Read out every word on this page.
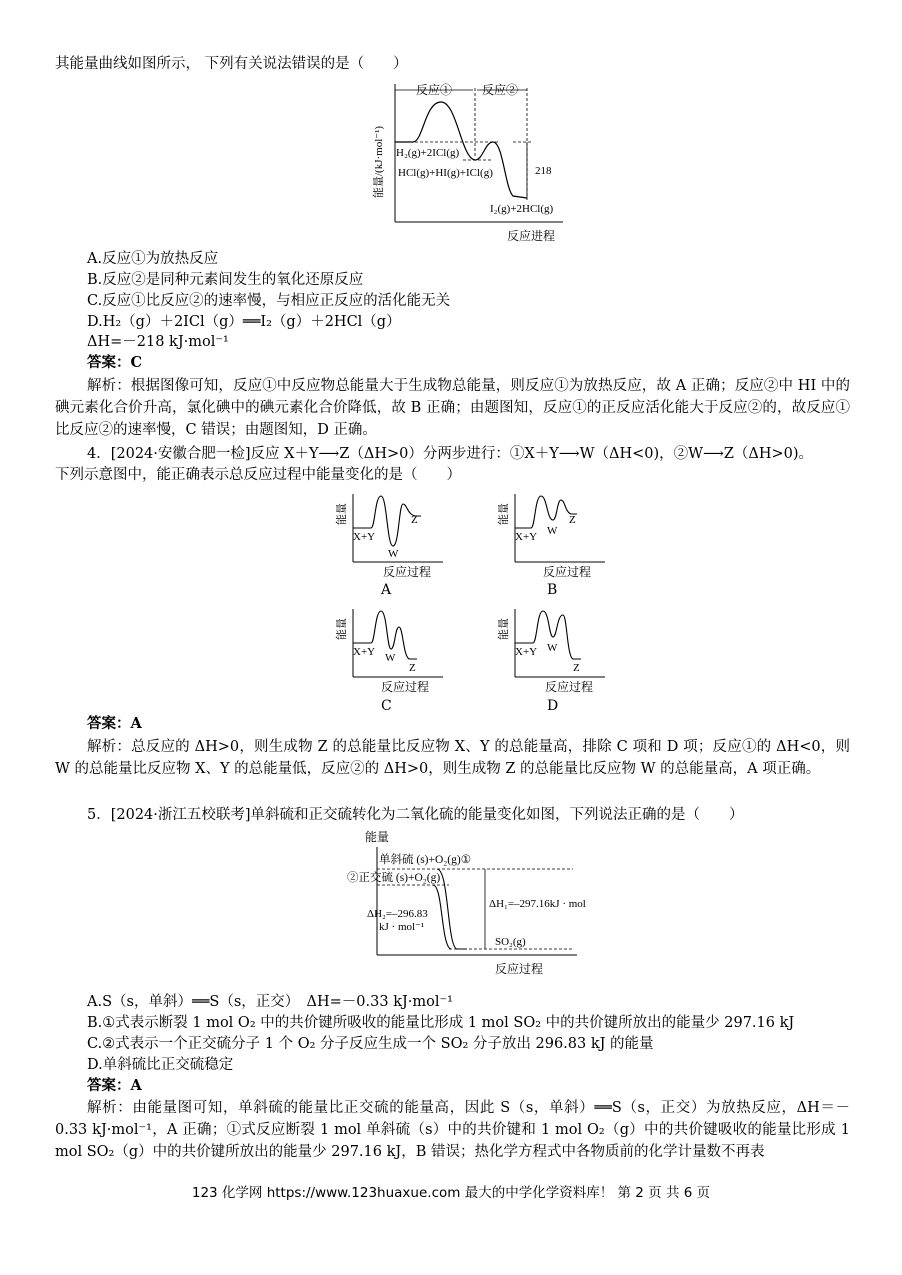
其能量曲线如图所示， 下列有关说法错误的是（　　）
能量/(kJ·mol⁻¹)
反应① 反应②
H₂(g)+2ICl(g)
HCl(g)+HI(g)+ICl(g)
I₂(g)+2HCl(g)
218
反应进程
A.反应①为放热反应
B.反应②是同种元素间发生的氧化还原反应
C.反应①比反应②的速率慢，与相应正反应的活化能无关
D.H₂（g）＋2ICl（g）══I₂（g）＋2HCl（g）
ΔH=－218 kJ·mol⁻¹
答案：C
解析：根据图像可知，反应①中反应物总能量大于生成物总能量，则反应①为放热反应，故 A 正确；反应②中 HI 中的碘元素化合价升高，氯化碘中的碘元素化合价降低，故 B 正确；由题图知，反应①的正反应活化能大于反应②的，故反应①比反应②的速率慢，C 错误；由题图知，D 正确。
4．[2024·安徽合肥一检]反应 X＋Y⟶Z（ΔH>0）分两步进行：①X＋Y⟶W（ΔH<0)，②W⟶Z（ΔH>0)。
下列示意图中，能正确表示总反应过程中能量变化的是（　　）
能量
X+Y
W
Z
反应过程
A
能量
X+Y W
Z
反应过程
B
能量
X+Y W
Z
反应过程
C
能量
X+Y W
Z
反应过程
D
答案：A
解析：总反应的 ΔH>0，则生成物 Z 的总能量比反应物 X、Y 的总能量高，排除 C 项和 D 项；反应①的 ΔH<0，则 W 的总能量比反应物 X、Y 的总能量低，反应②的 ΔH>0，则生成物 Z 的总能量比反应物 W 的总能量高，A 项正确。
5．[2024·浙江五校联考]单斜硫和正交硫转化为二氧化硫的能量变化如图，下列说法正确的是（　　）
能量
单斜硫 (s)+O₂(g)①
②正交硫 (s)+O₂(g)
ΔH₂=–296.83
kJ · mol⁻¹
ΔH₁=–297.16kJ · mol⁻¹
SO₂(g)
反应过程
A.S（s，单斜）══S（s，正交）　ΔH=－0.33 kJ·mol⁻¹
B.①式表示断裂 1 mol O₂ 中的共价键所吸收的能量比形成 1 mol SO₂ 中的共价键所放出的能量少 297.16 kJ
C.②式表示一个正交硫分子 1 个 O₂ 分子反应生成一个 SO₂ 分子放出 296.83 kJ 的能量
D.单斜硫比正交硫稳定
答案：A
解析：由能量图可知，单斜硫的能量比正交硫的能量高，因此 S（s，单斜）══S（s，正交）为放热反应，ΔH＝－0.33 kJ·mol⁻¹，A 正确；①式反应断裂 1 mol 单斜硫（s）中的共价键和 1 mol O₂（g）中的共价键吸收的能量比形成 1 mol SO₂（g）中的共价键所放出的能量少 297.16 kJ，B 错误；热化学方程式中各物质前的化学计量数不再表
123 化学网 https://www.123huaxue.com 最大的中学化学资料库！ 第 2 页 共 6 页
